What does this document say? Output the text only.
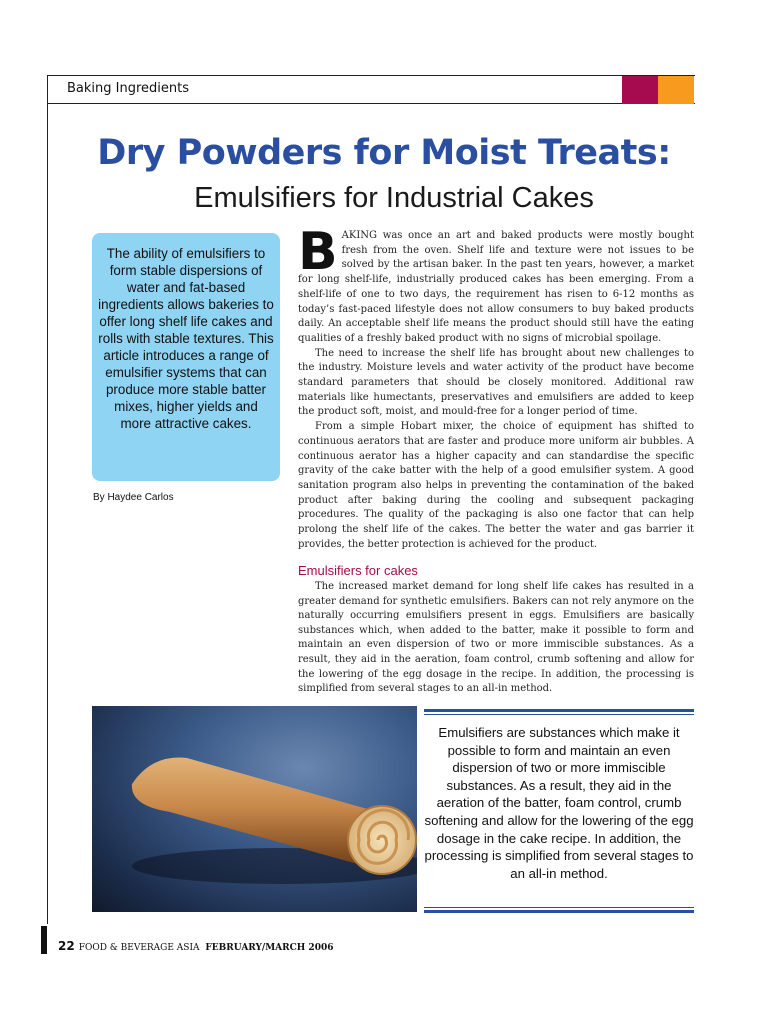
Baking Ingredients
Dry Powders for Moist Treats:
Emulsifiers for Industrial Cakes

The ability of emulsifiers to form stable dispersions of water and fat-based ingredients allows bakeries to offer long shelf life cakes and rolls with stable textures. This article introduces a range of emulsifier systems that can produce more stable batter mixes, higher yields and more attractive cakes.

By Haydee Carlos

BAKING was once an art and baked products were mostly bought fresh from the oven. Shelf life and texture were not issues to be solved by the artisan baker. In the past ten years, however, a market for long shelf-life, industrially produced cakes has been emerging. From a shelf-life of one to two days, the requirement has risen to 6-12 months as today’s fast-paced lifestyle does not allow consumers to buy baked products daily. An acceptable shelf life means the product should still have the eating qualities of a freshly baked product with no signs of microbial spoilage.

The need to increase the shelf life has brought about new challenges to the industry. Moisture levels and water activity of the product have become standard parameters that should be closely monitored. Additional raw materials like humectants, preservatives and emulsifiers are added to keep the product soft, moist, and mould-free for a longer period of time.

From a simple Hobart mixer, the choice of equipment has shifted to continuous aerators that are faster and produce more uniform air bubbles. A continuous aerator has a higher capacity and can standardise the specific gravity of the cake batter with the help of a good emulsifier system. A good sanitation program also helps in preventing the contamination of the baked product after baking during the cooling and subsequent packaging procedures. The quality of the packaging is also one factor that can help prolong the shelf life of the cakes. The better the water and gas barrier it provides, the better protection is achieved for the product.

Emulsifiers for cakes

The increased market demand for long shelf life cakes has resulted in a greater demand for synthetic emulsifiers. Bakers can not rely anymore on the naturally occurring emulsifiers present in eggs. Emulsifiers are basically substances which, when added to the batter, make it possible to form and maintain an even dispersion of two or more immiscible substances. As a result, they aid in the aeration, foam control, crumb softening and allow for the lowering of the egg dosage in the recipe. In addition, the processing is simplified from several stages to an all-in method.

Emulsifiers are substances which make it possible to form and maintain an even dispersion of two or more immiscible substances. As a result, they aid in the aeration of the batter, foam control, crumb softening and allow for the lowering of the egg dosage in the cake recipe. In addition, the processing is simplified from several stages to an all-in method.
22 FOOD & BEVERAGE ASIA FEBRUARY/MARCH 2006
